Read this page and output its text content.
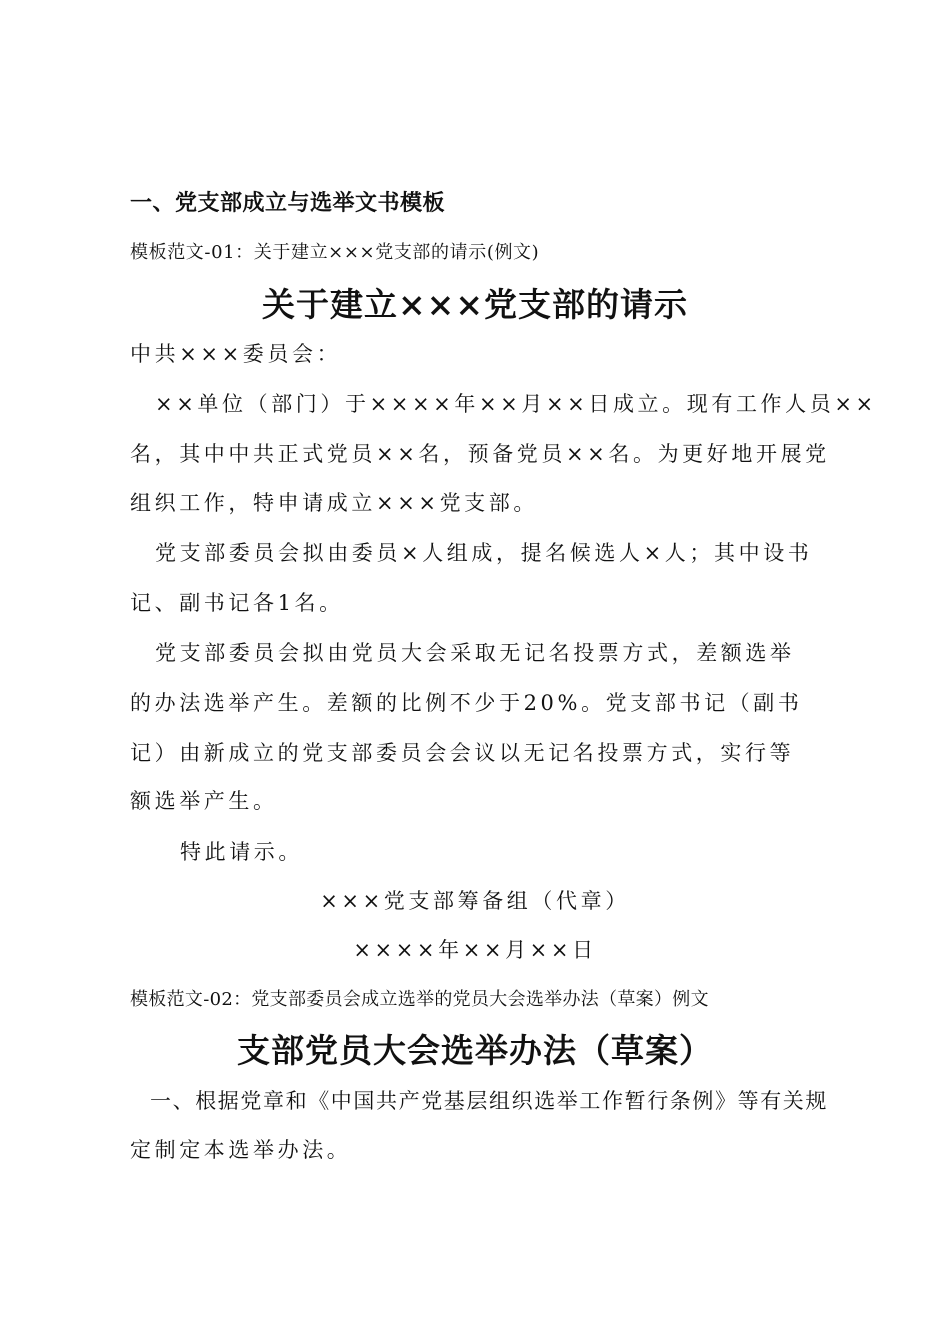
一、党支部成立与选举文书模板

模板范文-01：关于建立×××党支部的请示(例文)

关于建立×××党支部的请示

中共×××委员会：

××单位（部门）于××××年××月××日成立。现有工作人员××

名，其中中共正式党员××名，预备党员××名。为更好地开展党

组织工作，特申请成立×××党支部。

党支部委员会拟由委员×人组成，提名候选人×人；其中设书

记、副书记各1名。

党支部委员会拟由党员大会采取无记名投票方式，差额选举

的办法选举产生。差额的比例不少于20%。党支部书记（副书

记）由新成立的党支部委员会会议以无记名投票方式，实行等

额选举产生。

特此请示。

×××党支部筹备组（代章）

××××年××月××日

模板范文-02：党支部委员会成立选举的党员大会选举办法（草案）例文

支部党员大会选举办法（草案）

一、根据党章和《中国共产党基层组织选举工作暂行条例》等有关规

定制定本选举办法。
